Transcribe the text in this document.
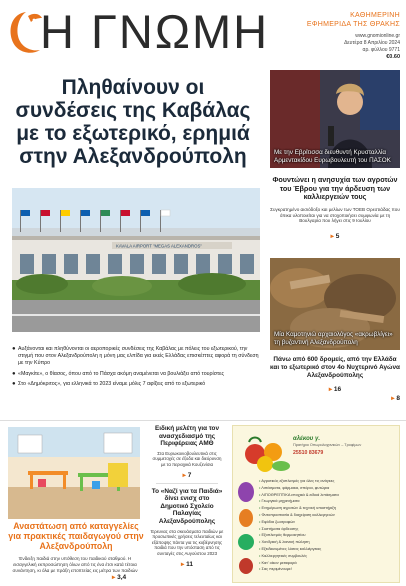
Η ΓΝΩΜΗ	ΚΑΘΗΜΕΡΙΝΗ
ΕΦΗΜΕΡΙΔΑ ΤΗΣ ΘΡΑΚΗΣ
www.gnomionline.gr
Δευτέρα 8 Απριλίου 2024
αρ. φύλλου 9771
€0.60
Πληθαίνουν οι συνδέσεις της Καβάλας με το εξωτερικό, ερημιά στην Αλεξανδρούπολη
KAVALA AIRPORT "MEGAS ALEXANDROS"
● Αυξάνονται και πληθύνονται οι αεροπορικές συνδέσεις της Καβάλας με πόλεις του εξωτερικού, την στιγμή που στον Αλεξανδρούπολη η μόνη μας ελπίδα για εκείς Ελλάδας επισκέπτες αφορά τη σύνδεση με την Κύπρο
● «Μαγκίτε», ο θίασος, όπου από το Πάσχα ακόμη αναμένεται να βουλιάξει από τουρίστες
● Στο «Δημόκριτος», για ελληνικά το 2023 είναμε μόλις 7 αφίξεις από το εξωτερικό
▸ 8
Με την Εβρίτισσα διευθυντή Κρυσταλλία Αρμεντακίδου Ευρωβουλευτή του ΠΑΣΟΚ
Φουντώνει η ανησυχία των αγροτών του Έβρου για την άρδευση των καλλιεργειών τους
Συγκρατημένο αισιόδοξο και μελίων των ΤΟΕΒ Ορεστιάδας που όπικα υλοποιείται για να στοχοποιήσει συμφωνία με τη Βουλγαρία που λήγει στις 9 Ιουλίου
▸ 5
Μία Καμοτηνιώ αρχαιολόγος «ακρωβλίγει» τη βυζαντινή Αλεξανδρούπολη
Πάνω από 600 δρομείς, από την Ελλάδα και το εξωτερικό στον 4ο Νυχτερινό Αγώνα Αλεξανδρούπολης
▸ 16
Αναστάτωση από καταγγελίες για πρακτικές παιδαγωγού στην Αλεξανδρούπολη
Ένδειξη παιδιά στην υπόθεση του παιδικού σταθμού. Η εισαγγελική εκπροσώπηση όλων από τις ένα έτσι κατά τέτοια συνάντηση, κι όλα με πράξη εποπτείας εις μέτρα των παιδιών
▸ 3,4
Ειδική μελέτη για τον ανασχεδιασμό της Περιφέρειας ΑΜΘ
Στα Ευρωκοινοβουλευτικά στις συμμετοχές σε έξοδα και διεύρυνση με τα περιοχικά Κουζενίσια
▸ 7
Το «Ναζί για τα Παιδιά» δίνει ενισχ στο Δημοτικό Σχολείο Παλαγίας Αλεξανδρούπολης
Έρευνας στα σκευάσματα παιδιών με προσωπικές χρήσεις τελευταίως και εξάποψης πάντα για τις κυβέρνησης παιδιά που την υπόσταση από τις συνταγές στις Αυγούστου 2023
▸ 11
αλέκου γ.
Πρατήριο Οπωρολαχανικών – Τροφίμων
25510 83679
• Αγροτικός εξοπλισμός για όλες τις ανάγκες
• Λιπάσματα, φάρμακα, σπόροι, φυτώρια
• ΛΙΠΟΘΡΕΠΤΙΚΑ εποχικά & ειδικά λιπάσματα
• Γεωργικά μηχανήματα
• Ενημέρωση αγροτών & τεχνική υποστήριξη
• Φυτοπροστασία & διαχείριση καλλιεργειών
• Εφόδια ζωοτροφών
• Συστήματα άρδευσης
• Εξοπλισμός θερμοκηπίου
• Χονδρική & λιανική πώληση
• Εξειδικευμένες λύσεις καλλιέργειας
• Καλλιεργητικές συμβουλές
• Κατ' οίκον μεταφορά
• Σας περιμένουμε!
